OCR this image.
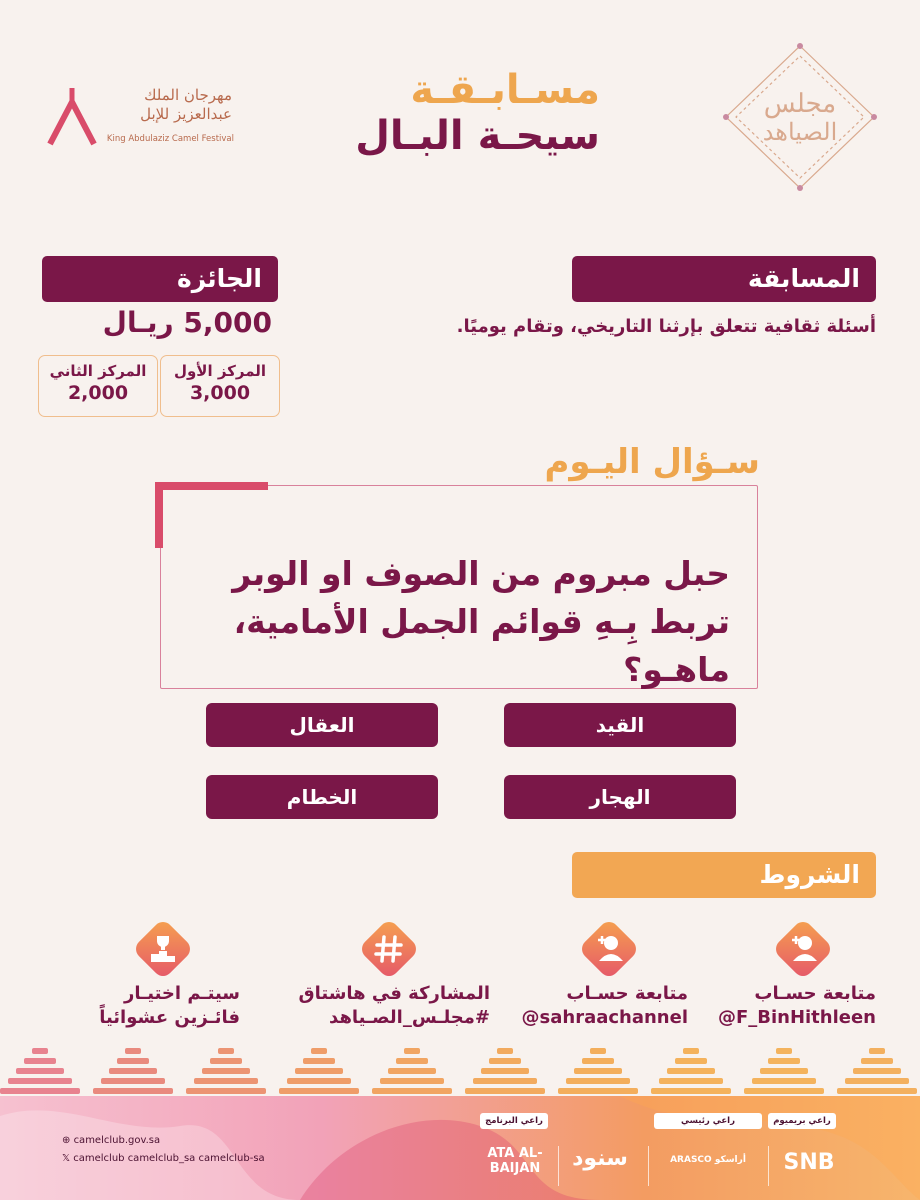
مجلس
الصياهد
مسـابـقـة
سيحـة البـال
مهرجان الملك
عبدالعزيز للإبل
King Abdulaziz Camel Festival
المسابقة
أسئلة ثقافية تتعلق بإرثنا التاريخي، وتقام يوميًا.
الجائزة
5,000 ريـال
المركز الأول
3,000
المركز الثاني
2,000
سـؤال اليـوم
حبل مبروم من الصوف او الوبر تربط بِـهِ قوائم الجمل الأمامية، ماهـو؟
القيد
العقال
الهجار
الخطام
الشروط
متابعة حسـاب
@F_BinHithleen
متابعة حسـاب
@sahraachannel
المشاركة في هاشتاق
#مجلـس_الصـياهد
سيتـم اختيـار
فائـزين عشوائياً
⊕ camelclub.gov.sa
𝕏 camelclub camelclub_sa camelclub-sa
راعي بريميوم
راعي رئيسي
راعي البرنامج
SNB
ARASCO أراسكو
سنود
ATA AL-BAIJAN
